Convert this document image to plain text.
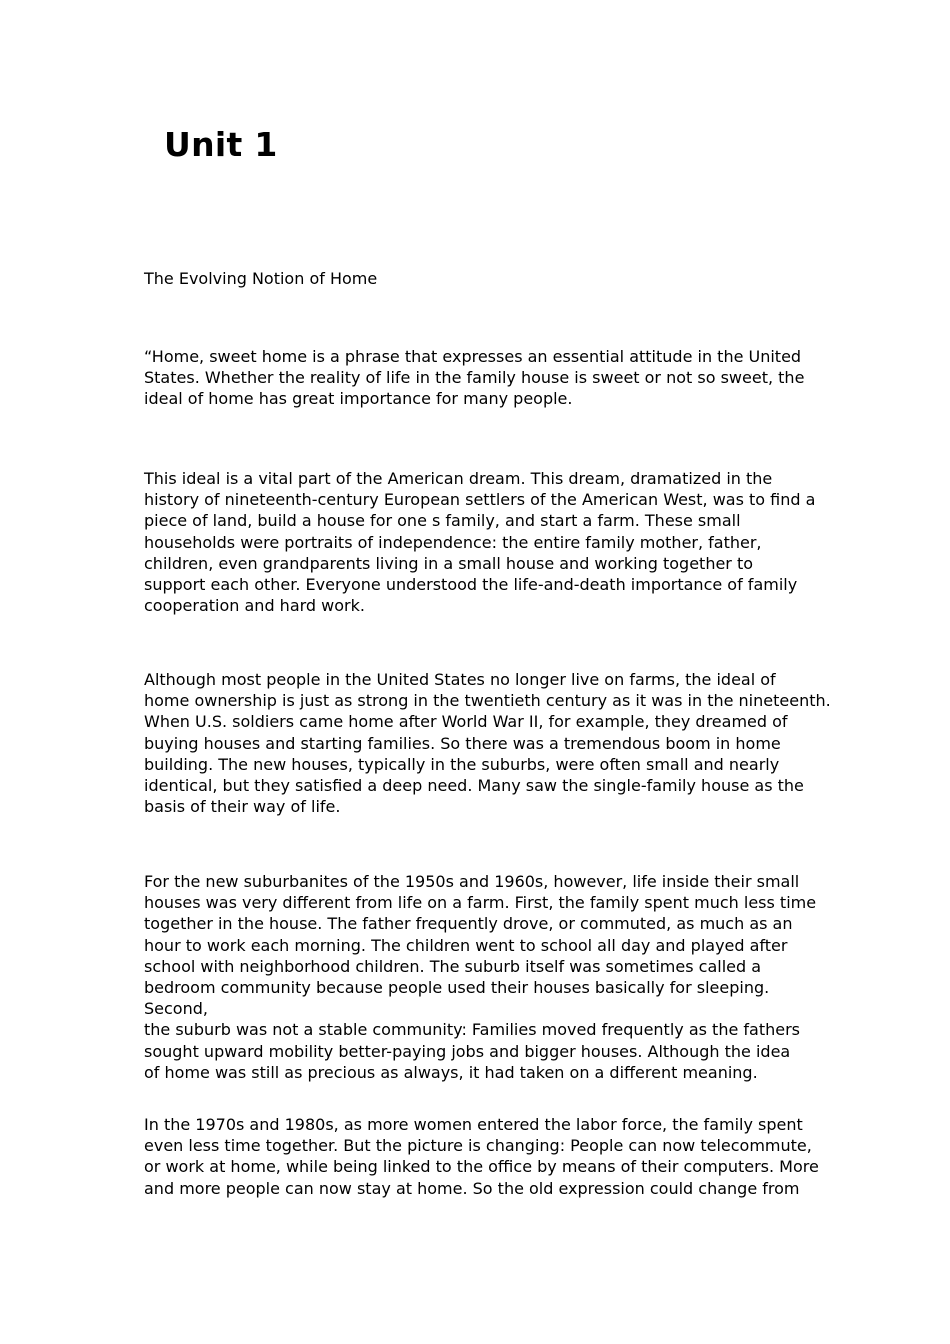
Unit 1
The Evolving Notion of Home

“Home, sweet home is a phrase that expresses an essential attitude in the United
States. Whether the reality of life in the family house is sweet or not so sweet, the
ideal of home has great importance for many people.

This ideal is a vital part of the American dream. This dream, dramatized in the
history of nineteenth-century European settlers of the American West, was to find a
piece of land, build a house for one s family, and start a farm. These small
households were portraits of independence: the entire family mother, father,
children, even grandparents living in a small house and working together to
support each other. Everyone understood the life-and-death importance of family
cooperation and hard work.

Although most people in the United States no longer live on farms, the ideal of
home ownership is just as strong in the twentieth century as it was in the nineteenth.
When U.S. soldiers came home after World War II, for example, they dreamed of
buying houses and starting families. So there was a tremendous boom in home
building. The new houses, typically in the suburbs, were often small and nearly
identical, but they satisfied a deep need. Many saw the single-family house as the
basis of their way of life.

For the new suburbanites of the 1950s and 1960s, however, life inside their small
houses was very different from life on a farm. First, the family spent much less time
together in the house. The father frequently drove, or commuted, as much as an
hour to work each morning. The children went to school all day and played after
school with neighborhood children. The suburb itself was sometimes called a
bedroom community because people used their houses basically for sleeping. Second,
the suburb was not a stable community: Families moved frequently as the fathers
sought upward mobility better-paying jobs and bigger houses. Although the idea
of home was still as precious as always, it had taken on a different meaning.

In the 1970s and 1980s, as more women entered the labor force, the family spent
even less time together. But the picture is changing: People can now telecommute,
or work at home, while being linked to the office by means of their computers. More
and more people can now stay at home. So the old expression could change from
